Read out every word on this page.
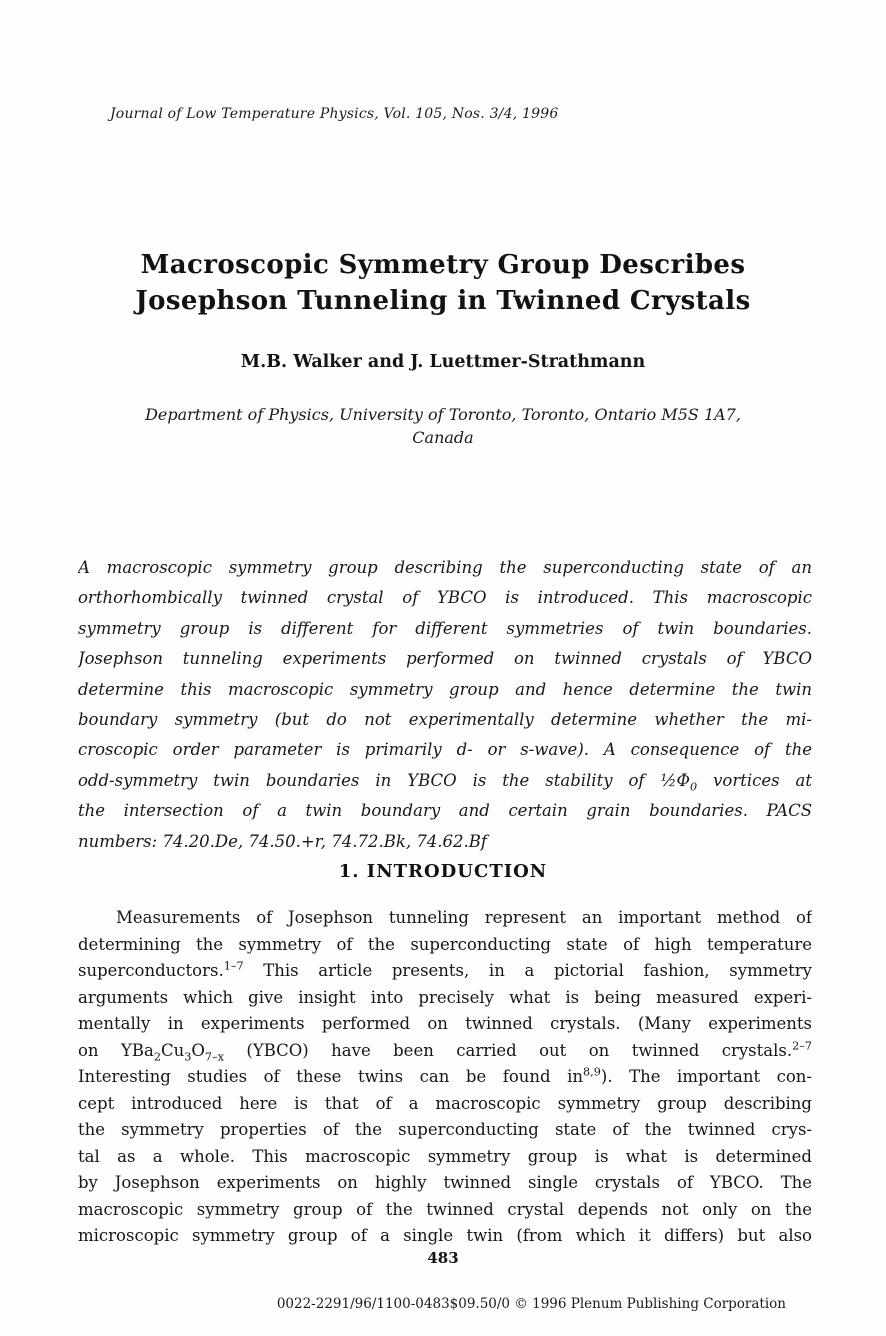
Journal of Low Temperature Physics, Vol. 105, Nos. 3/4, 1996
Macroscopic Symmetry Group Describes
Josephson Tunneling in Twinned Crystals
M.B. Walker and J. Luettmer-Strathmann
Department of Physics, University of Toronto, Toronto, Ontario M5S 1A7,
Canada
A macroscopic symmetry group describing the superconducting state of an
orthorhombically twinned crystal of YBCO is introduced. This macroscopic
symmetry group is different for different symmetries of twin boundaries.
Josephson tunneling experiments performed on twinned crystals of YBCO
determine this macroscopic symmetry group and hence determine the twin
boundary symmetry (but do not experimentally determine whether the mi-
croscopic order parameter is primarily d- or s-wave). A consequence of the
odd-symmetry twin boundaries in YBCO is the stability of $\frac{1}{2}\Phi_0$ vortices at
the intersection of a twin boundary and certain grain boundaries. PACS
numbers: 74.20.De, 74.50.+r, 74.72.Bk, 74.62.Bf
1. INTRODUCTION
Measurements of Josephson tunneling represent an important method of
determining the symmetry of the superconducting state of high temperature
superconductors.$^{1-7}$ This article presents, in a pictorial fashion, symmetry
arguments which give insight into precisely what is being measured experi-
mentally in experiments performed on twinned crystals. (Many experiments
on $YBa_2Cu_3O_{7-x}$ (YBCO) have been carried out on twinned crystals.$^{2-7}$
Interesting studies of these twins can be found in$^{8,9}$). The important con-
cept introduced here is that of a macroscopic symmetry group describing
the symmetry properties of the superconducting state of the twinned crys-
tal as a whole. This macroscopic symmetry group is what is determined
by Josephson experiments on highly twinned single crystals of YBCO. The
macroscopic symmetry group of the twinned crystal depends not only on the
microscopic symmetry group of a single twin (from which it differs) but also
483
0022-2291/96/1100-0483$09.50/0 © 1996 Plenum Publishing Corporation
